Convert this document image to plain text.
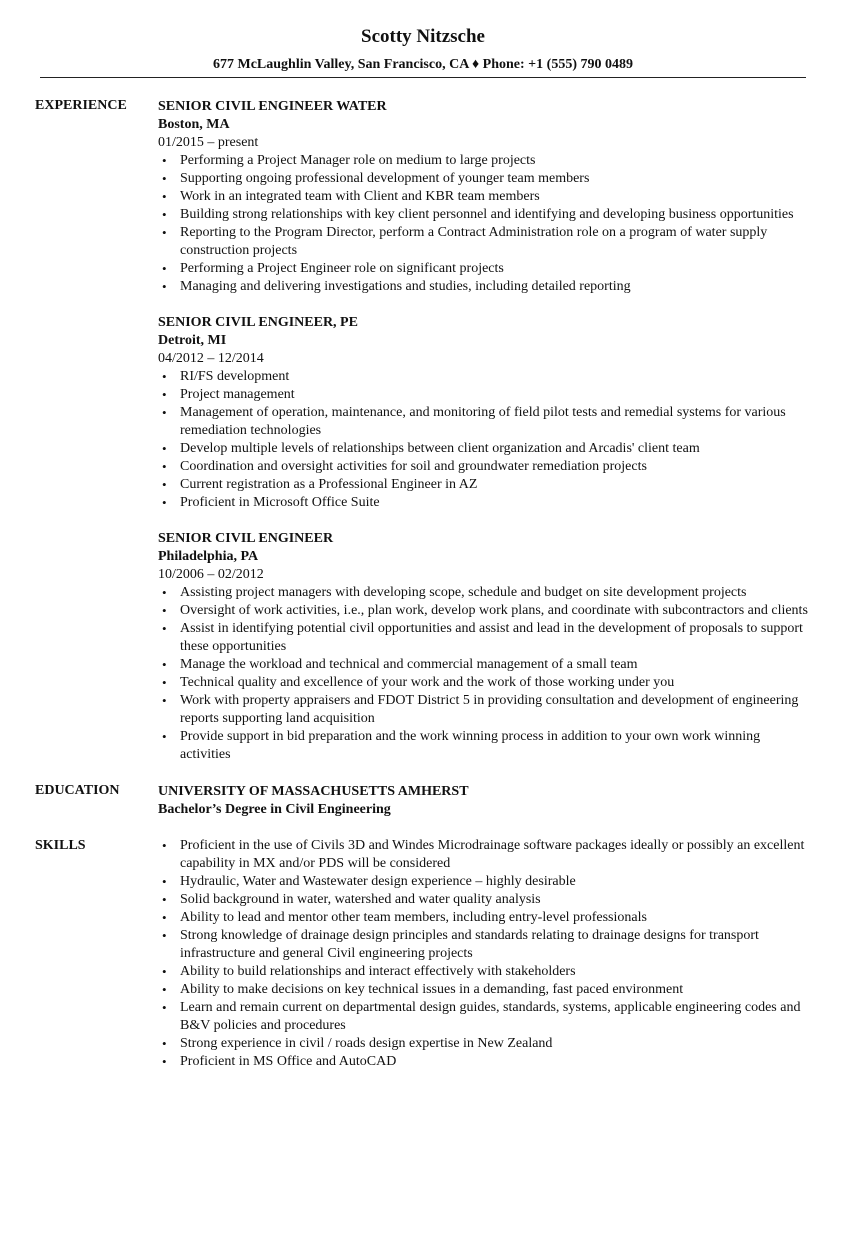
Scotty Nitzsche
677 McLaughlin Valley, San Francisco, CA ♦ Phone: +1 (555) 790 0489
EXPERIENCE	SENIOR CIVIL ENGINEER WATER
Boston, MA
01/2015 – present
• Performing a Project Manager role on medium to large projects
• Supporting ongoing professional development of younger team members
• Work in an integrated team with Client and KBR team members
• Building strong relationships with key client personnel and identifying and developing business opportunities
• Reporting to the Program Director, perform a Contract Administration role on a program of water supply construction projects
• Performing a Project Engineer role on significant projects
• Managing and delivering investigations and studies, including detailed reporting
SENIOR CIVIL ENGINEER, PE
Detroit, MI
04/2012 – 12/2014
• RI/FS development
• Project management
• Management of operation, maintenance, and monitoring of field pilot tests and remedial systems for various remediation technologies
• Develop multiple levels of relationships between client organization and Arcadis' client team
• Coordination and oversight activities for soil and groundwater remediation projects
• Current registration as a Professional Engineer in AZ
• Proficient in Microsoft Office Suite
SENIOR CIVIL ENGINEER
Philadelphia, PA
10/2006 – 02/2012
• Assisting project managers with developing scope, schedule and budget on site development projects
• Oversight of work activities, i.e., plan work, develop work plans, and coordinate with subcontractors and clients
• Assist in identifying potential civil opportunities and assist and lead in the development of proposals to support these opportunities
• Manage the workload and technical and commercial management of a small team
• Technical quality and excellence of your work and the work of those working under you
• Work with property appraisers and FDOT District 5 in providing consultation and development of engineering reports supporting land acquisition
• Provide support in bid preparation and the work winning process in addition to your own work winning activities
EDUCATION	UNIVERSITY OF MASSACHUSETTS AMHERST
Bachelor’s Degree in Civil Engineering
SKILLS	• Proficient in the use of Civils 3D and Windes Microdrainage software packages ideally or possibly an excellent capability in MX and/or PDS will be considered
• Hydraulic, Water and Wastewater design experience – highly desirable
• Solid background in water, watershed and water quality analysis
• Ability to lead and mentor other team members, including entry-level professionals
• Strong knowledge of drainage design principles and standards relating to drainage designs for transport infrastructure and general Civil engineering projects
• Ability to build relationships and interact effectively with stakeholders
• Ability to make decisions on key technical issues in a demanding, fast paced environment
• Learn and remain current on departmental design guides, standards, systems, applicable engineering codes and B&V policies and procedures
• Strong experience in civil / roads design expertise in New Zealand
• Proficient in MS Office and AutoCAD
